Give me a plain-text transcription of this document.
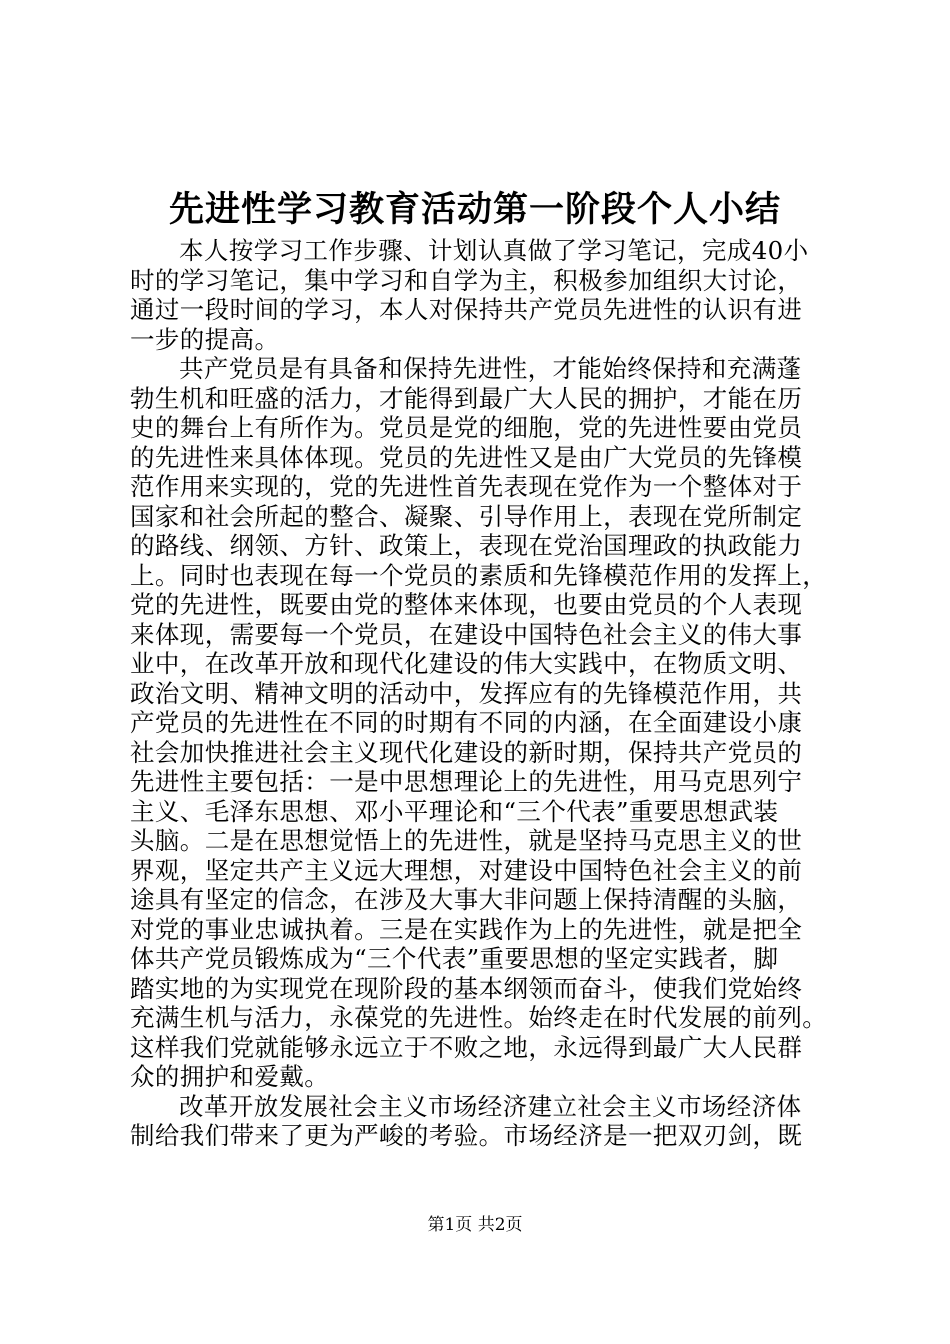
先进性学习教育活动第一阶段个人小结
本人按学习工作步骤、计划认真做了学习笔记，完成40小
时的学习笔记，集中学习和自学为主，积极参加组织大讨论，
通过一段时间的学习，本人对保持共产党员先进性的认识有进
一步的提高。
共产党员是有具备和保持先进性，才能始终保持和充满蓬
勃生机和旺盛的活力，才能得到最广大人民的拥护，才能在历
史的舞台上有所作为。党员是党的细胞，党的先进性要由党员
的先进性来具体体现。党员的先进性又是由广大党员的先锋模
范作用来实现的，党的先进性首先表现在党作为一个整体对于
国家和社会所起的整合、凝聚、引导作用上，表现在党所制定
的路线、纲领、方针、政策上，表现在党治国理政的执政能力
上。同时也表现在每一个党员的素质和先锋模范作用的发挥上，
党的先进性，既要由党的整体来体现，也要由党员的个人表现
来体现，需要每一个党员，在建设中国特色社会主义的伟大事
业中，在改革开放和现代化建设的伟大实践中，在物质文明、
政治文明、精神文明的活动中，发挥应有的先锋模范作用，共
产党员的先进性在不同的时期有不同的内涵，在全面建设小康
社会加快推进社会主义现代化建设的新时期，保持共产党员的
先进性主要包括：一是中思想理论上的先进性，用马克思列宁
主义、毛泽东思想、邓小平理论和“三个代表”重要思想武装
头脑。二是在思想觉悟上的先进性，就是坚持马克思主义的世
界观，坚定共产主义远大理想，对建设中国特色社会主义的前
途具有坚定的信念，在涉及大事大非问题上保持清醒的头脑，
对党的事业忠诚执着。三是在实践作为上的先进性，就是把全
体共产党员锻炼成为“三个代表”重要思想的坚定实践者，脚
踏实地的为实现党在现阶段的基本纲领而奋斗，使我们党始终
充满生机与活力，永葆党的先进性。始终走在时代发展的前列。
这样我们党就能够永远立于不败之地，永远得到最广大人民群
众的拥护和爱戴。
改革开放发展社会主义市场经济建立社会主义市场经济体
制给我们带来了更为严峻的考验。市场经济是一把双刃剑，既
第1页 共2页
